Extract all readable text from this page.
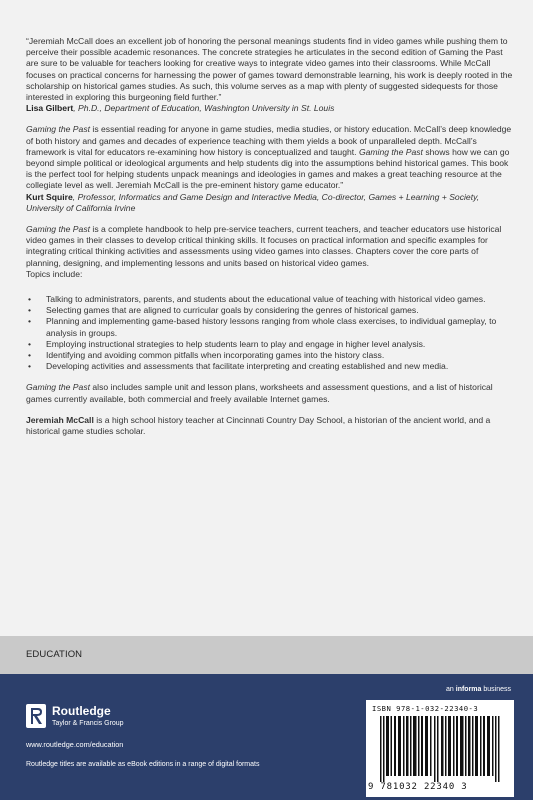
“Jeremiah McCall does an excellent job of honoring the personal meanings students find in video games while pushing them to perceive their possible academic resonances. The concrete strategies he articulates in the second edition of Gaming the Past are sure to be valuable for teachers looking for creative ways to integrate video games into their classrooms. While McCall focuses on practical concerns for harnessing the power of games toward demonstrable learning, his work is deeply rooted in the scholarship on historical games studies. As such, this volume serves as a map with plenty of suggested sidequests for those interested in exploring this burgeoning field further.”

Lisa Gilbert, Ph.D., Department of Education, Washington University in St. Louis

Gaming the Past is essential reading for anyone in game studies, media studies, or history education. McCall’s deep knowledge of both history and games and decades of experience teaching with them yields a book of unparalleled depth. McCall’s framework is vital for educators re-examining how history is conceptualized and taught. Gaming the Past shows how we can go beyond simple political or ideological arguments and help students dig into the assumptions behind historical games. This book is the perfect tool for helping students unpack meanings and ideologies in games and makes a great teaching resource at the collegiate level as well. Jeremiah McCall is the pre-eminent history game educator.”

Kurt Squire, Professor, Informatics and Game Design and Interactive Media, Co-director, Games + Learning + Society, University of California Irvine

Gaming the Past is a complete handbook to help pre-service teachers, current teachers, and teacher educators use historical video games in their classes to develop critical thinking skills. It focuses on practical information and specific examples for integrating critical thinking activities and assessments using video games into classes. Chapters cover the core parts of planning, designing, and implementing lessons and units based on historical video games.

Topics include:

• Talking to administrators, parents, and students about the educational value of teaching with historical video games.
• Selecting games that are aligned to curricular goals by considering the genres of historical games.
• Planning and implementing game-based history lessons ranging from whole class exercises, to individual gameplay, to analysis in groups.
• Employing instructional strategies to help students learn to play and engage in higher level analysis.
• Identifying and avoiding common pitfalls when incorporating games into the history class.
• Developing activities and assessments that facilitate interpreting and creating established and new media.

Gaming the Past also includes sample unit and lesson plans, worksheets and assessment questions, and a list of historical games currently available, both commercial and freely available Internet games.

Jeremiah McCall is a high school history teacher at Cincinnati Country Day School, a historian of the ancient world, and a historical game studies scholar.

EDUCATION
an informa business
Routledge
Taylor & Francis Group
www.routledge.com/education
Routledge titles are available as eBook editions in a range of digital formats
ISBN 978-1-032-22340-3
9 781032 22340 3
